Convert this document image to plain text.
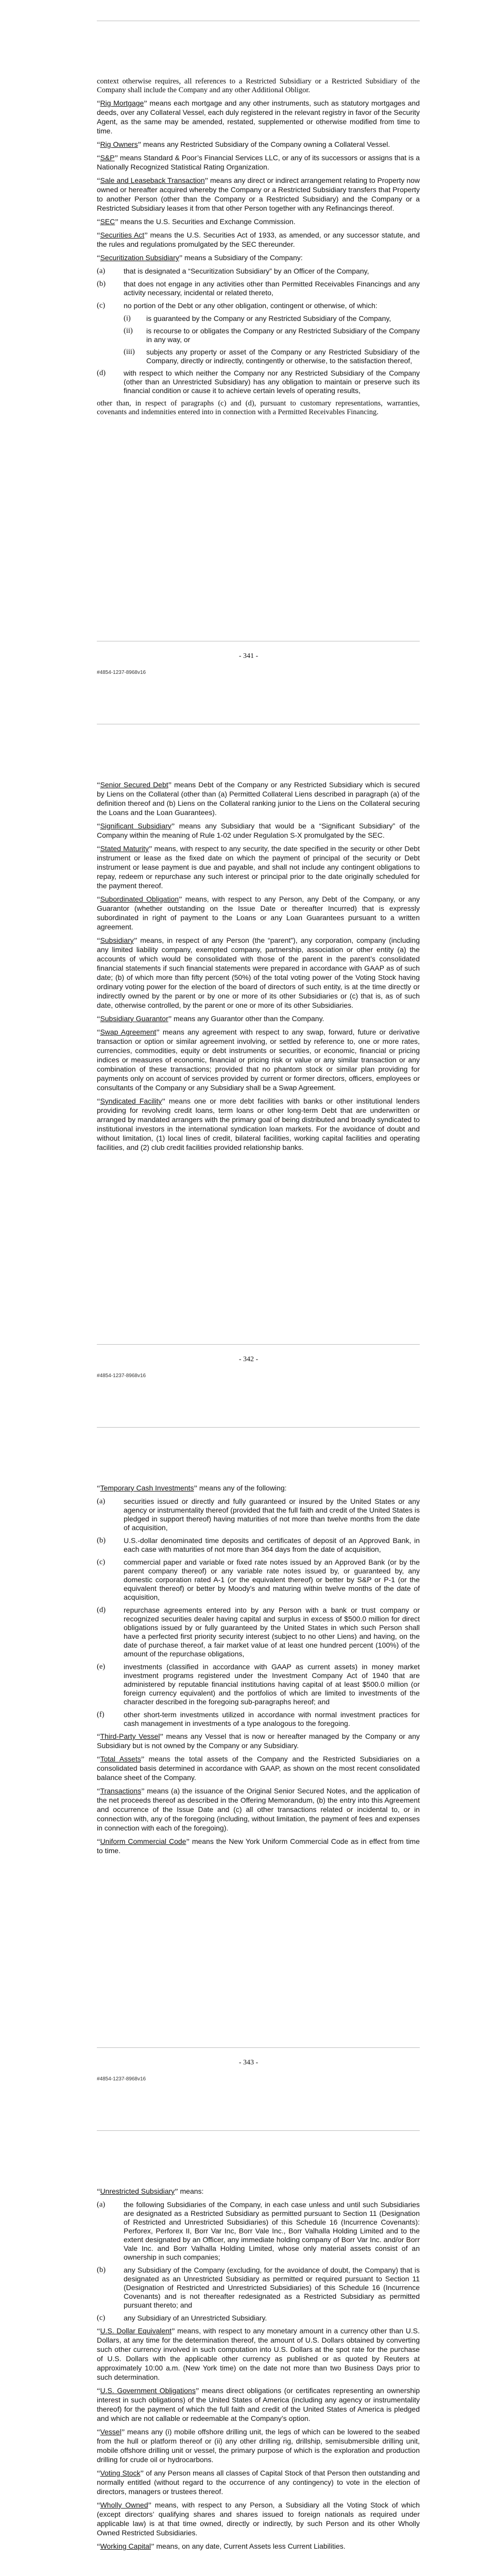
context otherwise requires, all references to a Restricted Subsidiary or a Restricted Subsidiary of the Company shall include the Company and any other Additional Obligor.

“Rig Mortgage” means each mortgage and any other instruments, such as statutory mortgages and deeds, over any Collateral Vessel, each duly registered in the relevant registry in favor of the Security Agent, as the same may be amended, restated, supplemented or otherwise modified from time to time.

“Rig Owners” means any Restricted Subsidiary of the Company owning a Collateral Vessel.

“S&P” means Standard & Poor’s Financial Services LLC, or any of its successors or assigns that is a Nationally Recognized Statistical Rating Organization.

“Sale and Leaseback Transaction” means any direct or indirect arrangement relating to Property now owned or hereafter acquired whereby the Company or a Restricted Subsidiary transfers that Property to another Person (other than the Company or a Restricted Subsidiary) and the Company or a Restricted Subsidiary leases it from that other Person together with any Refinancings thereof.

“SEC” means the U.S. Securities and Exchange Commission.

“Securities Act” means the U.S. Securities Act of 1933, as amended, or any successor statute, and the rules and regulations promulgated by the SEC thereunder.

“Securitization Subsidiary” means a Subsidiary of the Company:

(a)	that is designated a “Securitization Subsidiary” by an Officer of the Company,
(b)	that does not engage in any activities other than Permitted Receivables Financings and any activity necessary, incidental or related thereto,
(c)	no portion of the Debt or any other obligation, contingent or otherwise, of which:
(i)	is guaranteed by the Company or any Restricted Subsidiary of the Company,
(ii)	is recourse to or obligates the Company or any Restricted Subsidiary of the Company in any way, or
(iii)	subjects any property or asset of the Company or any Restricted Subsidiary of the Company, directly or indirectly, contingently or otherwise, to the satisfaction thereof,
(d)	with respect to which neither the Company nor any Restricted Subsidiary of the Company (other than an Unrestricted Subsidiary) has any obligation to maintain or preserve such its financial condition or cause it to achieve certain levels of operating results,

other than, in respect of paragraphs (c) and (d), pursuant to customary representations, warranties, covenants and indemnities entered into in connection with a Permitted Receivables Financing.

- 341 -
#4854-1237-8968v16

“Senior Secured Debt” means Debt of the Company or any Restricted Subsidiary which is secured by Liens on the Collateral (other than (a) Permitted Collateral Liens described in paragraph (a) of the definition thereof and (b) Liens on the Collateral ranking junior to the Liens on the Collateral securing the Loans and the Loan Guarantees).

“Significant Subsidiary” means any Subsidiary that would be a “Significant Subsidiary” of the Company within the meaning of Rule 1-02 under Regulation S-X promulgated by the SEC.

“Stated Maturity” means, with respect to any security, the date specified in the security or other Debt instrument or lease as the fixed date on which the payment of principal of the security or Debt instrument or lease payment is due and payable, and shall not include any contingent obligations to repay, redeem or repurchase any such interest or principal prior to the date originally scheduled for the payment thereof.

“Subordinated Obligation” means, with respect to any Person, any Debt of the Company, or any Guarantor (whether outstanding on the Issue Date or thereafter Incurred) that is expressly subordinated in right of payment to the Loans or any Loan Guarantees pursuant to a written agreement.

“Subsidiary” means, in respect of any Person (the “parent”), any corporation, company (including any limited liability company, exempted company, partnership, association or other entity (a) the accounts of which would be consolidated with those of the parent in the parent’s consolidated financial statements if such financial statements were prepared in accordance with GAAP as of such date; (b) of which more than fifty percent (50%) of the total voting power of the Voting Stock having ordinary voting power for the election of the board of directors of such entity, is at the time directly or indirectly owned by the parent or by one or more of its other Subsidiaries or (c) that is, as of such date, otherwise controlled, by the parent or one or more of its other Subsidiaries.

“Subsidiary Guarantor” means any Guarantor other than the Company.

“Swap Agreement” means any agreement with respect to any swap, forward, future or derivative transaction or option or similar agreement involving, or settled by reference to, one or more rates, currencies, commodities, equity or debt instruments or securities, or economic, financial or pricing indices or measures of economic, financial or pricing risk or value or any similar transaction or any combination of these transactions; provided that no phantom stock or similar plan providing for payments only on account of services provided by current or former directors, officers, employees or consultants of the Company or any Subsidiary shall be a Swap Agreement.

“Syndicated Facility” means one or more debt facilities with banks or other institutional lenders providing for revolving credit loans, term loans or other long-term Debt that are underwritten or arranged by mandated arrangers with the primary goal of being distributed and broadly syndicated to institutional investors in the international syndication loan markets. For the avoidance of doubt and without limitation, (1) local lines of credit, bilateral facilities, working capital facilities and operating facilities, and (2) club credit facilities provided relationship banks.

- 342 -
#4854-1237-8968v16

“Temporary Cash Investments” means any of the following:

(a)	securities issued or directly and fully guaranteed or insured by the United States or any agency or instrumentality thereof (provided that the full faith and credit of the United States is pledged in support thereof) having maturities of not more than twelve months from the date of acquisition,
(b)	U.S.-dollar denominated time deposits and certificates of deposit of an Approved Bank, in each case with maturities of not more than 364 days from the date of acquisition,
(c)	commercial paper and variable or fixed rate notes issued by an Approved Bank (or by the parent company thereof) or any variable rate notes issued by, or guaranteed by, any domestic corporation rated A-1 (or the equivalent thereof) or better by S&P or P-1 (or the equivalent thereof) or better by Moody’s and maturing within twelve months of the date of acquisition,
(d)	repurchase agreements entered into by any Person with a bank or trust company or recognized securities dealer having capital and surplus in excess of $500.0 million for direct obligations issued by or fully guaranteed by the United States in which such Person shall have a perfected first priority security interest (subject to no other Liens) and having, on the date of purchase thereof, a fair market value of at least one hundred percent (100%) of the amount of the repurchase obligations,
(e)	investments (classified in accordance with GAAP as current assets) in money market investment programs registered under the Investment Company Act of 1940 that are administered by reputable financial institutions having capital of at least $500.0 million (or foreign currency equivalent) and the portfolios of which are limited to investments of the character described in the foregoing sub-paragraphs hereof; and
(f)	other short-term investments utilized in accordance with normal investment practices for cash management in investments of a type analogous to the foregoing.

“Third-Party Vessel” means any Vessel that is now or hereafter managed by the Company or any Subsidiary but is not owned by the Company or any Subsidiary.

“Total Assets” means the total assets of the Company and the Restricted Subsidiaries on a consolidated basis determined in accordance with GAAP, as shown on the most recent consolidated balance sheet of the Company.

“Transactions” means (a) the issuance of the Original Senior Secured Notes, and the application of the net proceeds thereof as described in the Offering Memorandum, (b) the entry into this Agreement and occurrence of the Issue Date and (c) all other transactions related or incidental to, or in connection with, any of the foregoing (including, without limitation, the payment of fees and expenses in connection with each of the foregoing).

“Uniform Commercial Code” means the New York Uniform Commercial Code as in effect from time to time.

- 343 -
#4854-1237-8968v16

“Unrestricted Subsidiary” means:

(a)	the following Subsidiaries of the Company, in each case unless and until such Subsidiaries are designated as a Restricted Subsidiary as permitted pursuant to Section 11 (Designation of Restricted and Unrestricted Subsidiaries) of this Schedule 16 (Incurrence Covenants): Perforex, Perforex II, Borr Var Inc, Borr Vale Inc., Borr Valhalla Holding Limited and to the extent designated by an Officer, any immediate holding company of Borr Var Inc. and/or Borr Vale Inc. and Borr Valhalla Holding Limited, whose only material assets consist of an ownership in such companies;
(b)	any Subsidiary of the Company (excluding, for the avoidance of doubt, the Company) that is designated as an Unrestricted Subsidiary as permitted or required pursuant to Section 11 (Designation of Restricted and Unrestricted Subsidiaries) of this Schedule 16 (Incurrence Covenants) and is not thereafter redesignated as a Restricted Subsidiary as permitted pursuant thereto; and
(c)	any Subsidiary of an Unrestricted Subsidiary.

“U.S. Dollar Equivalent” means, with respect to any monetary amount in a currency other than U.S. Dollars, at any time for the determination thereof, the amount of U.S. Dollars obtained by converting such other currency involved in such computation into U.S. Dollars at the spot rate for the purchase of U.S. Dollars with the applicable other currency as published or as quoted by Reuters at approximately 10:00 a.m. (New York time) on the date not more than two Business Days prior to such determination.

“U.S. Government Obligations” means direct obligations (or certificates representing an ownership interest in such obligations) of the United States of America (including any agency or instrumentality thereof) for the payment of which the full faith and credit of the United States of America is pledged and which are not callable or redeemable at the Company’s option.

“Vessel” means any (i) mobile offshore drilling unit, the legs of which can be lowered to the seabed from the hull or platform thereof or (ii) any other drilling rig, drillship, semisubmersible drilling unit, mobile offshore drilling unit or vessel, the primary purpose of which is the exploration and production drilling for crude oil or hydrocarbons.

“Voting Stock” of any Person means all classes of Capital Stock of that Person then outstanding and normally entitled (without regard to the occurrence of any contingency) to vote in the election of directors, managers or trustees thereof.

“Wholly Owned” means, with respect to any Person, a Subsidiary all the Voting Stock of which (except directors’ qualifying shares and shares issued to foreign nationals as required under applicable law) is at that time owned, directly or indirectly, by such Person and its other Wholly Owned Restricted Subsidiaries.

“Working Capital” means, on any date, Current Assets less Current Liabilities.
